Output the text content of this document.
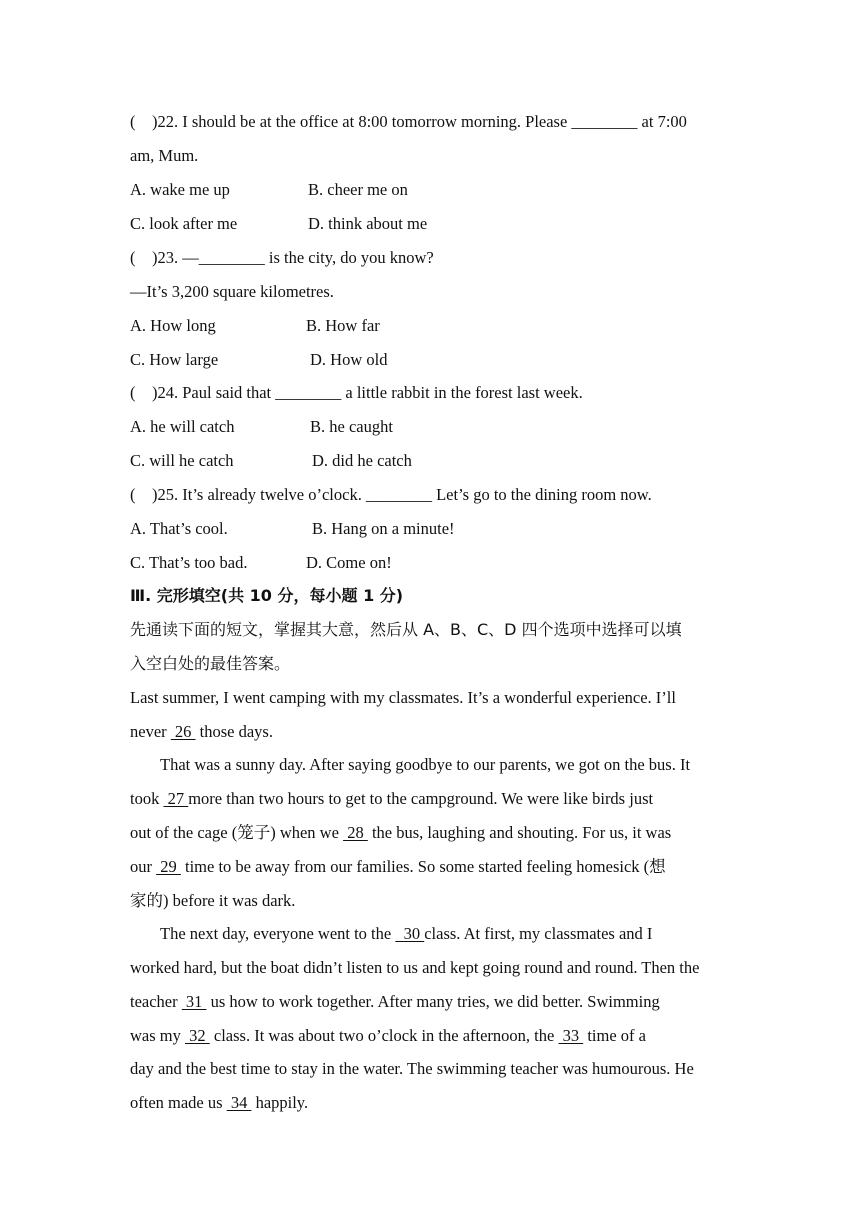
(    )22. I should be at the office at 8:00 tomorrow morning. Please ________ at 7:00
am, Mum.
A. wake me up	B. cheer me on
C. look after me	D. think about me
(    )23. —________ is the city, do you know?
—It’s 3,200 square kilometres.
A. How long	B. How far
C. How large	D. How old
(    )24. Paul said that ________ a little rabbit in the forest last week.
A. he will catch	B. he caught
C. will he catch	D. did he catch
(    )25. It’s already twelve o’clock. ________ Let’s go to the dining room now.
A. That’s cool.	B. Hang on a minute!
C. That’s too bad.	D. Come on!
Ⅲ. 完形填空(共 10 分，每小题 1 分)
先通读下面的短文，掌握其大意，然后从 A、B、C、D 四个选项中选择可以填
入空白处的最佳答案。
Last summer, I went camping with my classmates. It’s a wonderful experience. I’ll
never  26  those days.
That was a sunny day. After saying goodbye to our parents, we got on the bus. It
took  27 more than two hours to get to the campground. We were like birds just
out of the cage (笼子) when we  28  the bus, laughing and shouting. For us, it was
our  29  time to be away from our families. So some started feeling homesick (想
家的) before it was dark.
The next day, everyone went to the   30 class. At first, my classmates and I
worked hard, but the boat didn’t listen to us and kept going round and round. Then the
teacher  31  us how to work together. After many tries, we did better. Swimming
was my  32  class. It was about two o’clock in the afternoon, the  33  time of a
day and the best time to stay in the water. The swimming teacher was humourous. He
often made us  34  happily.
